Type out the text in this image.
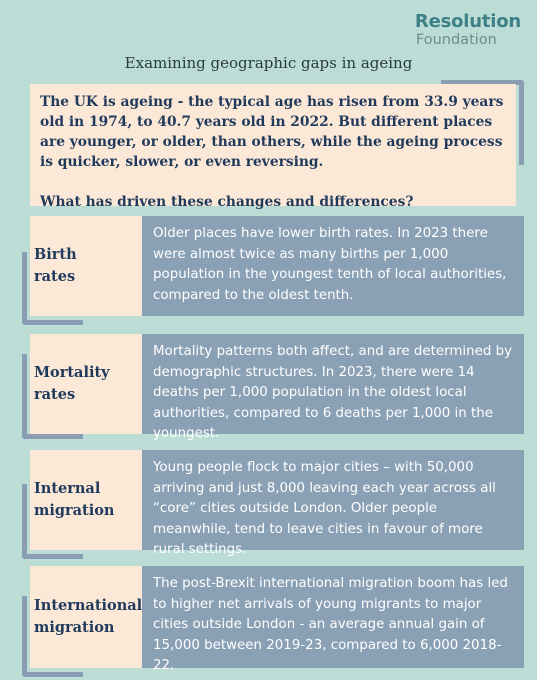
Resolution
Foundation
Examining geographic gaps in ageing

The UK is ageing - the typical age has risen from 33.9 years old in 1974, to 40.7 years old in 2022. But different places are younger, or older, than others, while the ageing process is quicker, slower, or even reversing.

What has driven these changes and differences?

Birth
rates
Older places have lower birth rates. In 2023 there were almost twice as many births per 1,000 population in the youngest tenth of local authorities, compared to the oldest tenth.
Mortality
rates
Mortality patterns both affect, and are determined by demographic structures. In 2023, there were 14 deaths per 1,000 population in the oldest local authorities, compared to 6 deaths per 1,000 in the youngest.
Internal
migration
Young people flock to major cities – with 50,000 arriving and just 8,000 leaving each year across all “core” cities outside London. Older people meanwhile, tend to leave cities in favour of more rural settings.
International
migration
The post-Brexit international migration boom has led to higher net arrivals of young migrants to major cities outside London - an average annual gain of 15,000 between 2019-23, compared to 6,000 2018-22.
